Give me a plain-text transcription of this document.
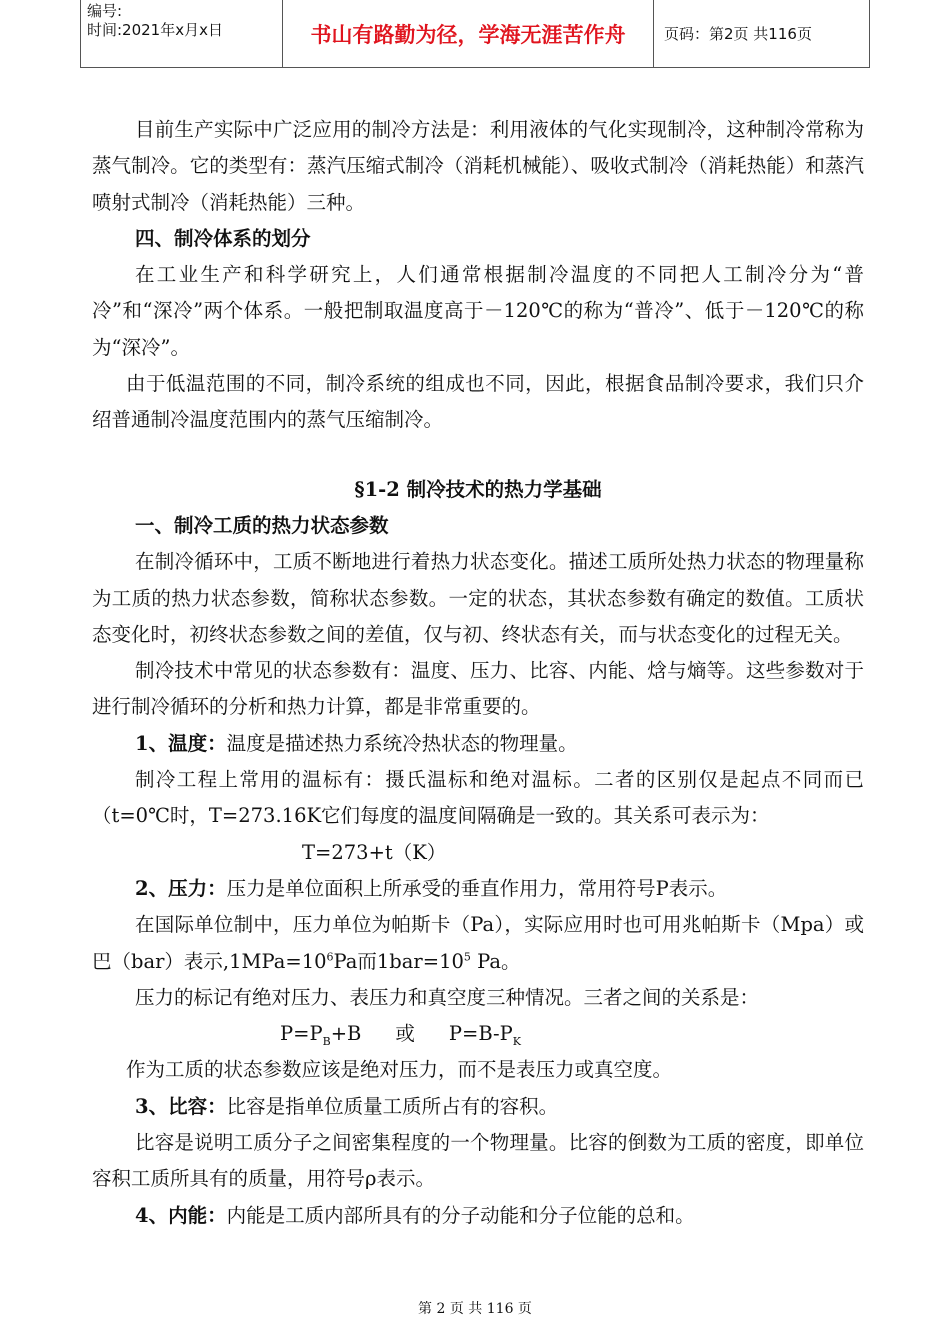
编号:
时间:2021年x月x日	书山有路勤为径，学海无涯苦作舟	页码：第2页 共116页

目前生产实际中广泛应用的制冷方法是：利用液体的气化实现制冷，这种制冷常称为蒸气制冷。它的类型有：蒸汽压缩式制冷（消耗机械能）、吸收式制冷（消耗热能）和蒸汽喷射式制冷（消耗热能）三种。

四、制冷体系的划分

在工业生产和科学研究上，人们通常根据制冷温度的不同把人工制冷分为“普冷”和“深冷”两个体系。一般把制取温度高于－120℃的称为“普冷”、低于－120℃的称为“深冷”。

由于低温范围的不同，制冷系统的组成也不同，因此，根据食品制冷要求，我们只介绍普通制冷温度范围内的蒸气压缩制冷。

§1-2 制冷技术的热力学基础

一、制冷工质的热力状态参数

在制冷循环中，工质不断地进行着热力状态变化。描述工质所处热力状态的物理量称为工质的热力状态参数，简称状态参数。一定的状态，其状态参数有确定的数值。工质状态变化时，初终状态参数之间的差值，仅与初、终状态有关，而与状态变化的过程无关。

制冷技术中常见的状态参数有：温度、压力、比容、内能、焓与熵等。这些参数对于进行制冷循环的分析和热力计算，都是非常重要的。

1、温度：温度是描述热力系统冷热状态的物理量。

制冷工程上常用的温标有：摄氏温标和绝对温标。二者的区别仅是起点不同而已（t=0℃时，T=273.16K它们每度的温度间隔确是一致的。其关系可表示为：

T=273+t（K）

2、压力：压力是单位面积上所承受的垂直作用力，常用符号P表示。

在国际单位制中，压力单位为帕斯卡（Pa），实际应用时也可用兆帕斯卡（Mpa）或巴（bar）表示$,1MPa=10^6Pa$而$1bar=10^5$ Pa。

压力的标记有绝对压力、表压力和真空度三种情况。三者之间的关系是：

$P=P_B+B$ 或 $P=B-P_K$

作为工质的状态参数应该是绝对压力，而不是表压力或真空度。

3、比容：比容是指单位质量工质所占有的容积。

比容是说明工质分子之间密集程度的一个物理量。比容的倒数为工质的密度，即单位容积工质所具有的质量，用符号ρ表示。

4、内能：内能是工质内部所具有的分子动能和分子位能的总和。

第 2 页 共 116 页
